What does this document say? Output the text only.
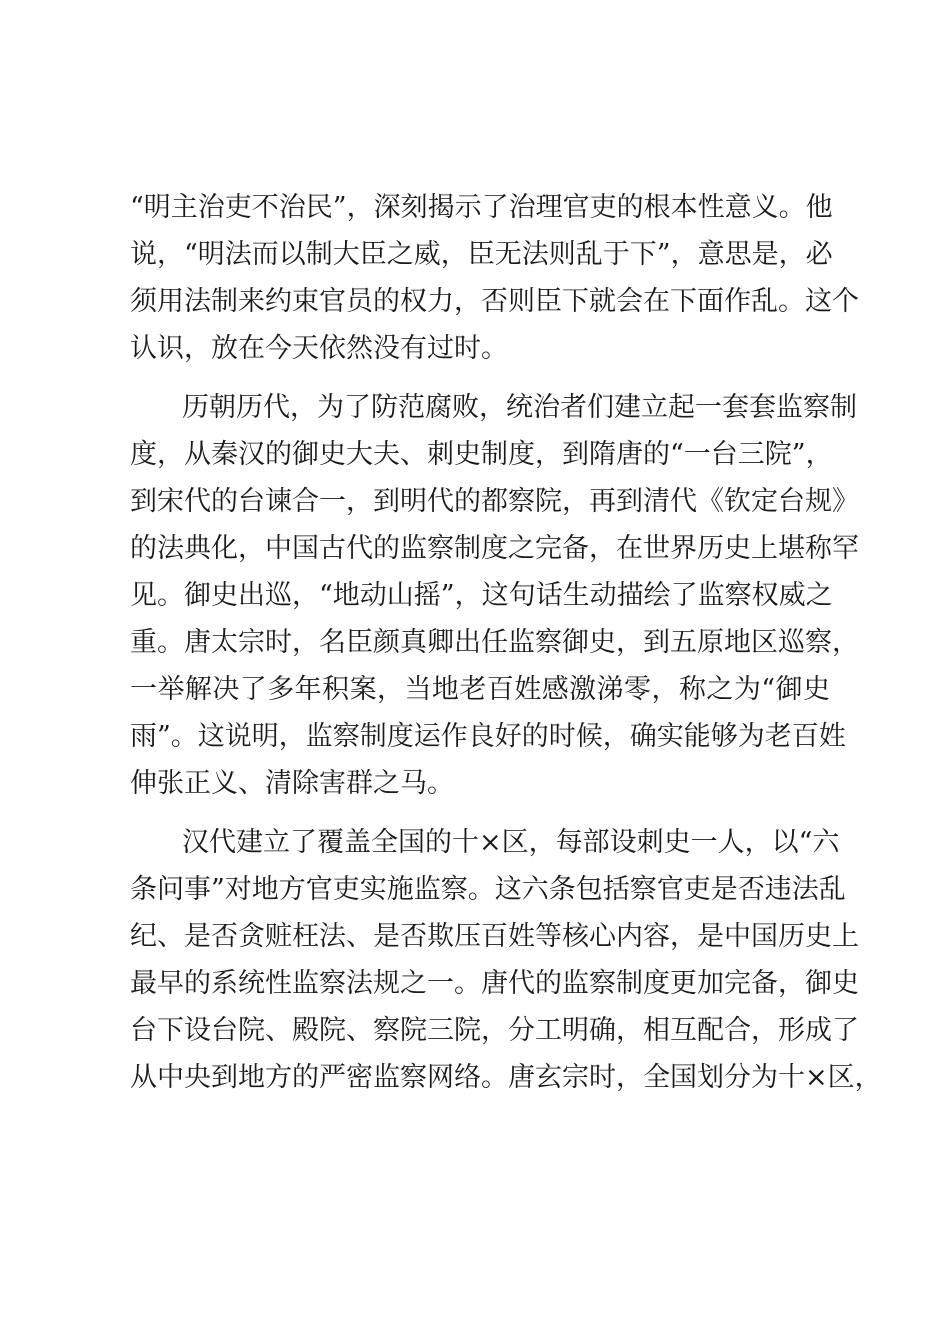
“明主治吏不治民”，深刻揭示了治理官吏的根本性意义。他
说，“明法而以制大臣之威，臣无法则乱于下”，意思是，必
须用法制来约束官员的权力，否则臣下就会在下面作乱。这个
认识，放在今天依然没有过时。
历朝历代，为了防范腐败，统治者们建立起一套套监察制
度，从秦汉的御史大夫、刺史制度，到隋唐的“一台三院”，
到宋代的台谏合一，到明代的都察院，再到清代《钦定台规》
的法典化，中国古代的监察制度之完备，在世界历史上堪称罕
见。御史出巡，“地动山摇”，这句话生动描绘了监察权威之
重。唐太宗时，名臣颜真卿出任监察御史，到五原地区巡察，
一举解决了多年积案，当地老百姓感激涕零，称之为“御史
雨”。这说明，监察制度运作良好的时候，确实能够为老百姓
伸张正义、清除害群之马。
汉代建立了覆盖全国的十×区，每部设刺史一人，以“六
条问事”对地方官吏实施监察。这六条包括察官吏是否违法乱
纪、是否贪赃枉法、是否欺压百姓等核心内容，是中国历史上
最早的系统性监察法规之一。唐代的监察制度更加完备，御史
台下设台院、殿院、察院三院，分工明确，相互配合，形成了
从中央到地方的严密监察网络。唐玄宗时，全国划分为十×区，
